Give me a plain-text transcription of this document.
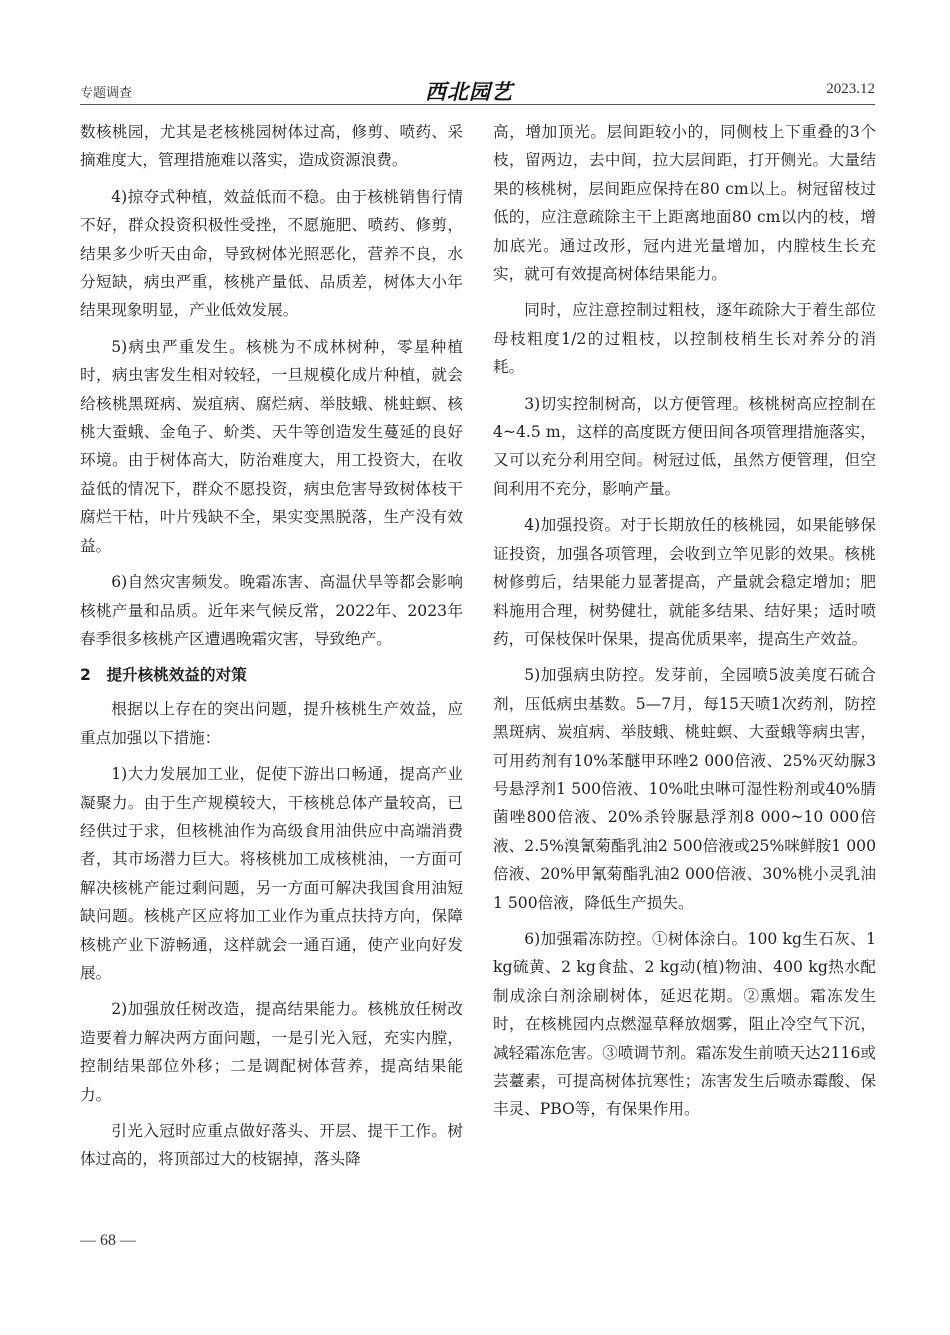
专题调查	西北园艺	2023.12

数核桃园，尤其是老核桃园树体过高，修剪、喷药、采摘难度大，管理措施难以落实，造成资源浪费。

4)掠夺式种植，效益低而不稳。由于核桃销售行情不好，群众投资积极性受挫，不愿施肥、喷药、修剪，结果多少听天由命，导致树体光照恶化，营养不良，水分短缺，病虫严重，核桃产量低、品质差，树体大小年结果现象明显，产业低效发展。

5)病虫严重发生。核桃为不成林树种，零星种植时，病虫害发生相对较轻，一旦规模化成片种植，就会给核桃黑斑病、炭疽病、腐烂病、举肢蛾、桃蛀螟、核桃大蚕蛾、金龟子、蚧类、天牛等创造发生蔓延的良好环境。由于树体高大，防治难度大，用工投资大，在收益低的情况下，群众不愿投资，病虫危害导致树体枝干腐烂干枯，叶片残缺不全，果实变黑脱落，生产没有效益。

6)自然灾害频发。晚霜冻害、高温伏旱等都会影响核桃产量和品质。近年来气候反常，2022年、2023年春季很多核桃产区遭遇晚霜灾害，导致绝产。

2　提升核桃效益的对策

根据以上存在的突出问题，提升核桃生产效益，应重点加强以下措施：

1)大力发展加工业，促使下游出口畅通，提高产业凝聚力。由于生产规模较大，干核桃总体产量较高，已经供过于求，但核桃油作为高级食用油供应中高端消费者，其市场潜力巨大。将核桃加工成核桃油，一方面可解决核桃产能过剩问题，另一方面可解决我国食用油短缺问题。核桃产区应将加工业作为重点扶持方向，保障核桃产业下游畅通，这样就会一通百通，使产业向好发展。

2)加强放任树改造，提高结果能力。核桃放任树改造要着力解决两方面问题，一是引光入冠，充实内膛，控制结果部位外移；二是调配树体营养，提高结果能力。

引光入冠时应重点做好落头、开层、提干工作。树体过高的，将顶部过大的枝锯掉，落头降

高，增加顶光。层间距较小的，同侧枝上下重叠的3个枝，留两边，去中间，拉大层间距，打开侧光。大量结果的核桃树，层间距应保持在80 cm以上。树冠留枝过低的，应注意疏除主干上距离地面80 cm以内的枝，增加底光。通过改形，冠内进光量增加，内膛枝生长充实，就可有效提高树体结果能力。

同时，应注意控制过粗枝，逐年疏除大于着生部位母枝粗度1/2的过粗枝，以控制枝梢生长对养分的消耗。

3)切实控制树高，以方便管理。核桃树高应控制在4~4.5 m，这样的高度既方便田间各项管理措施落实，又可以充分利用空间。树冠过低，虽然方便管理，但空间利用不充分，影响产量。

4)加强投资。对于长期放任的核桃园，如果能够保证投资，加强各项管理，会收到立竿见影的效果。核桃树修剪后，结果能力显著提高，产量就会稳定增加；肥料施用合理，树势健壮，就能多结果、结好果；适时喷药，可保枝保叶保果，提高优质果率，提高生产效益。

5)加强病虫防控。发芽前，全园喷5波美度石硫合剂，压低病虫基数。5—7月，每15天喷1次药剂，防控黑斑病、炭疽病、举肢蛾、桃蛀螟、大蚕蛾等病虫害，可用药剂有10%苯醚甲环唑2 000倍液、25%灭幼脲3号悬浮剂1 500倍液、10%吡虫啉可湿性粉剂或40%腈菌唑800倍液、20%杀铃脲悬浮剂8 000~10 000倍液、2.5%溴氰菊酯乳油2 500倍液或25%咪鲜胺1 000倍液、20%甲氰菊酯乳油2 000倍液、30%桃小灵乳油1 500倍液，降低生产损失。

6)加强霜冻防控。①树体涂白。100 kg生石灰、1 kg硫黄、2 kg食盐、2 kg动(植)物油、400 kg热水配制成涂白剂涂刷树体，延迟花期。②熏烟。霜冻发生时，在核桃园内点燃湿草释放烟雾，阻止冷空气下沉，减轻霜冻危害。③喷调节剂。霜冻发生前喷天达2116或芸薹素，可提高树体抗寒性；冻害发生后喷赤霉酸、保丰灵、PBO等，有保果作用。

— 68 —
